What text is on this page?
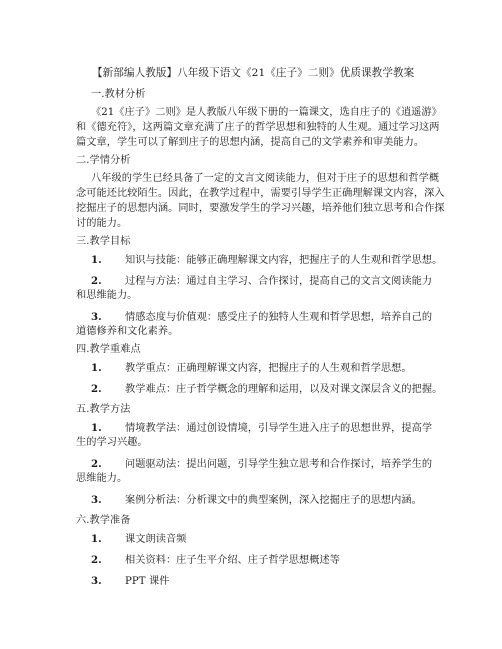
【新部编人教版】八年级下语文《21《庄子》二则》优质课教学教案
一.教材分析
《21《庄子》二则》是人教版八年级下册的一篇课文，选自庄子的《逍遥游》
和《德充符》，这两篇文章充满了庄子的哲学思想和独特的人生观。通过学习这两
篇文章，学生可以了解到庄子的思想内涵，提高自己的文学素养和审美能力。
二.学情分析
八年级的学生已经具备了一定的文言文阅读能力，但对于庄子的思想和哲学概
念可能还比较陌生。因此，在教学过程中，需要引导学生正确理解课文内容，深入
挖掘庄子的思想内涵。同时，要激发学生的学习兴趣，培养他们独立思考和合作探
讨的能力。
三.教学目标
1. 知识与技能：能够正确理解课文内容，把握庄子的人生观和哲学思想。
2. 过程与方法：通过自主学习、合作探讨，提高自己的文言文阅读能力
和思维能力。
3. 情感态度与价值观：感受庄子的独特人生观和哲学思想，培养自己的
道德修养和文化素养。
四.教学重难点
1. 教学重点：正确理解课文内容，把握庄子的人生观和哲学思想。
2. 教学难点：庄子哲学概念的理解和运用，以及对课文深层含义的把握。
五.教学方法
1. 情境教学法：通过创设情境，引导学生进入庄子的思想世界，提高学
生的学习兴趣。
2. 问题驱动法：提出问题，引导学生独立思考和合作探讨，培养学生的
思维能力。
3. 案例分析法：分析课文中的典型案例，深入挖掘庄子的思想内涵。
六.教学准备
1. 课文朗读音频
2. 相关资料：庄子生平介绍、庄子哲学思想概述等
3. PPT 课件
